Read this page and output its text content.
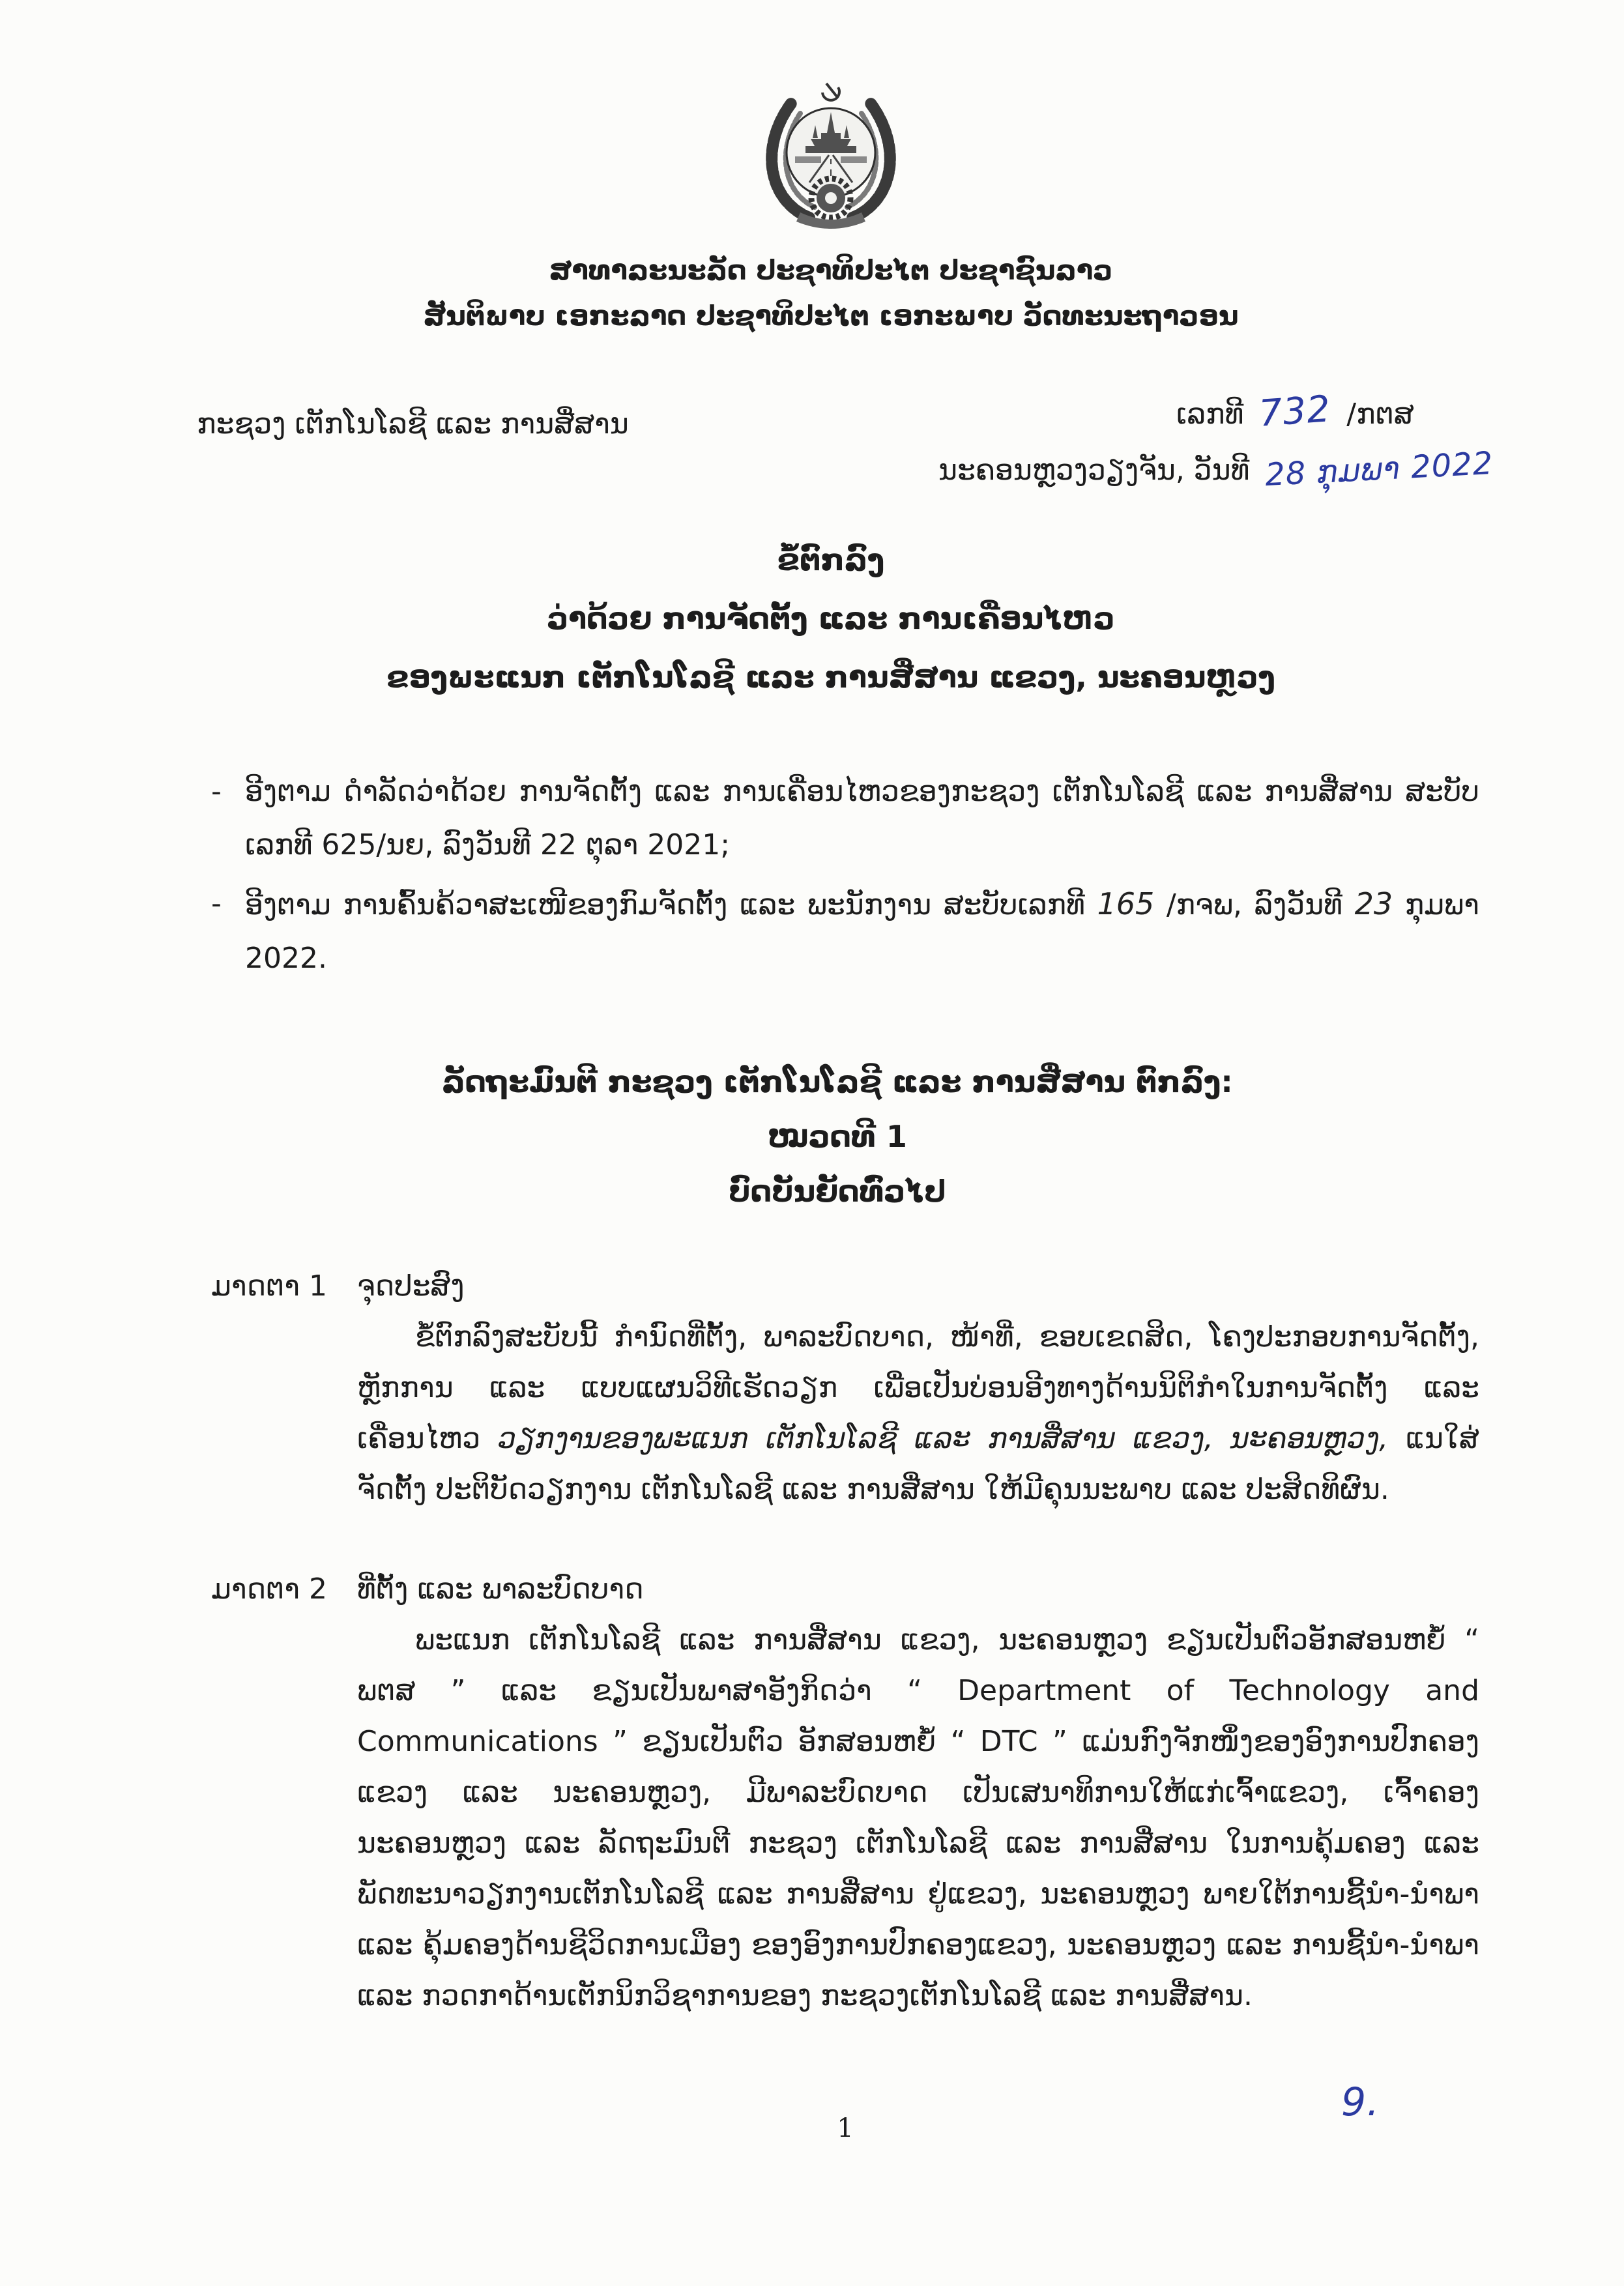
ສາທາລະນະລັດ ປະຊາທິປະໄຕ ປະຊາຊົນລາວ
ສັນຕິພາບ ເອກະລາດ ປະຊາທິປະໄຕ ເອກະພາບ ວັດທະນະຖາວອນ
ກະຊວງ ເຕັກໂນໂລຊີ ແລະ ການສື່ສານ	ເລກທີ 732 /ກຕສ
ນະຄອນຫຼວງວຽງຈັນ, ວັນທີ 28 ກຸມພາ 2022
ຂໍ້ຕົກລົງ
ວ່າດ້ວຍ ການຈັດຕັ້ງ ແລະ ການເຄື່ອນໄຫວ
ຂອງພະແນກ ເຕັກໂນໂລຊີ ແລະ ການສື່ສານ ແຂວງ, ນະຄອນຫຼວງ
- ອີງຕາມ ດຳລັດວ່າດ້ວຍ ການຈັດຕັ້ງ ແລະ ການເຄື່ອນໄຫວຂອງກະຊວງ ເຕັກໂນໂລຊີ ແລະ ການສື່ສານ ສະບັບ ເລກທີ 625/ນຍ, ລົງວັນທີ 22 ຕຸລາ 2021;
- ອີງຕາມ ການຄົ້ນຄ້ວາສະເໜີຂອງກົມຈັດຕັ້ງ ແລະ ພະນັກງານ ສະບັບເລກທີ 165 /ກຈພ, ລົງວັນທີ 23 ກຸມພາ 2022.
ລັດຖະມົນຕີ ກະຊວງ ເຕັກໂນໂລຊີ ແລະ ການສື່ສານ ຕົກລົງ:
ໝວດທີ 1
ບົດບັນຍັດທົ່ວໄປ
ມາດຕາ 1 ຈຸດປະສົງ

ຂໍ້ຕົກລົງສະບັບນີ້ ກຳນົດທີ່ຕັ້ງ, ພາລະບົດບາດ, ໜ້າທີ່, ຂອບເຂດສິດ, ໂຄງປະກອບການຈັດຕັ້ງ, ຫຼັກການ ແລະ ແບບແຜນວິທີເຮັດວຽກ ເພື່ອເປັນບ່ອນອີງທາງດ້ານນິຕິກຳໃນການຈັດຕັ້ງ ແລະ ເຄື່ອນໄຫວ ວຽກງານຂອງພະແນກ ເຕັກໂນໂລຊີ ແລະ ການສື່ສານ ແຂວງ, ນະຄອນຫຼວງ, ແນໃສ່ຈັດຕັ້ງ ປະຕິບັດວຽກງານ ເຕັກໂນໂລຊີ ແລະ ການສື່ສານ ໃຫ້ມີຄຸນນະພາບ ແລະ ປະສິດທິຜົນ.

ມາດຕາ 2 ທີ່ຕັ້ງ ແລະ ພາລະບົດບາດ

ພະແນກ ເຕັກໂນໂລຊີ ແລະ ການສື່ສານ ແຂວງ, ນະຄອນຫຼວງ ຂຽນເປັນຕົວອັກສອນຫຍໍ້ “ ພຕສ ” ແລະ ຂຽນເປັນພາສາອັງກິດວ່າ “ Department of Technology and Communications ” ຂຽນເປັນຕົວ ອັກສອນຫຍໍ້ “ DTC ” ແມ່ນກົງຈັກໜຶ່ງຂອງອົງການປົກຄອງແຂວງ ແລະ ນະຄອນຫຼວງ, ມີພາລະບົດບາດ ເປັນເສນາທິການໃຫ້ແກ່ເຈົ້າແຂວງ, ເຈົ້າຄອງນະຄອນຫຼວງ ແລະ ລັດຖະມົນຕີ ກະຊວງ ເຕັກໂນໂລຊີ ແລະ ການສື່ສານ ໃນການຄຸ້ມຄອງ ແລະ ພັດທະນາວຽກງານເຕັກໂນໂລຊີ ແລະ ການສື່ສານ ຢູ່ແຂວງ, ນະຄອນຫຼວງ ພາຍໃຕ້ການຊີ້ນຳ-ນຳພາ ແລະ ຄຸ້ມຄອງດ້ານຊີວິດການເມືອງ ຂອງອົງການປົກຄອງແຂວງ, ນະຄອນຫຼວງ ແລະ ການຊີ້ນຳ-ນຳພາ ແລະ ກວດກາດ້ານເຕັກນິກວິຊາການຂອງ ກະຊວງເຕັກໂນໂລຊີ ແລະ ການສື່ສານ.

1
9.
